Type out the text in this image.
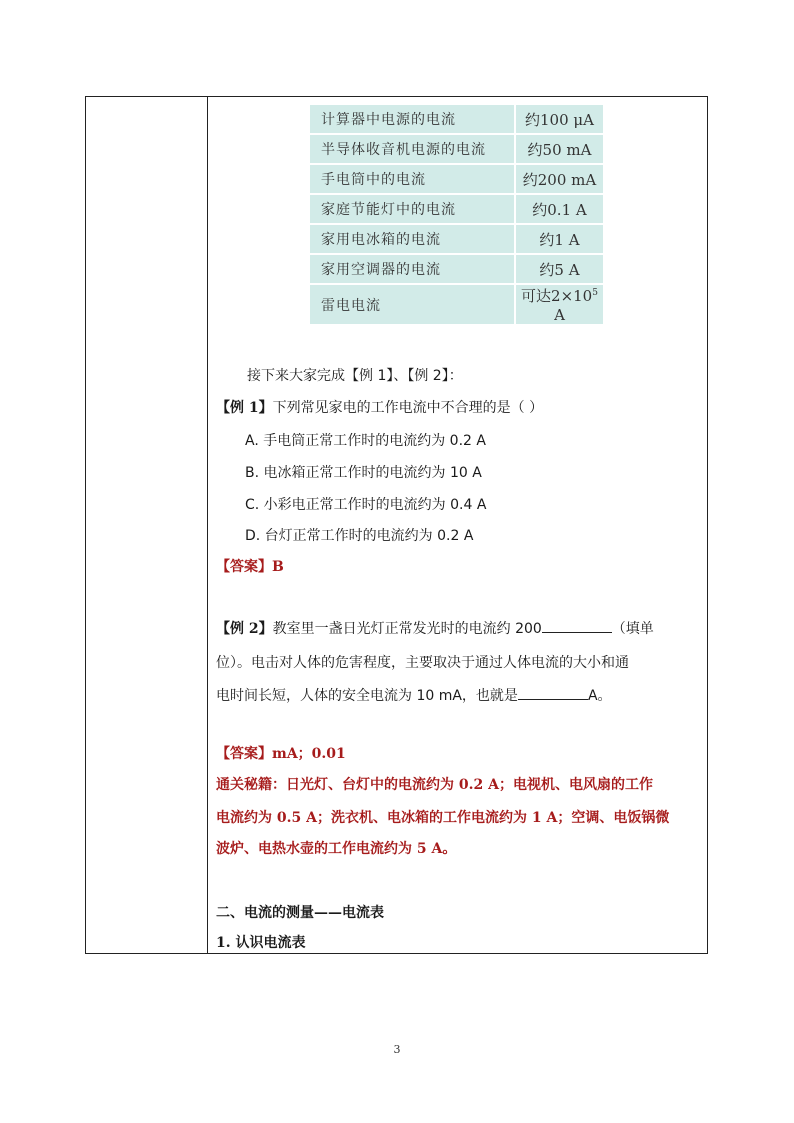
计算器中电源的电流	约100 μA
半导体收音机电源的电流	约50 mA
手电筒中的电流	约200 mA
家庭节能灯中的电流	约0.1 A
家用电冰箱的电流	约1 A
家用空调器的电流	约5 A
雷电电流	可达$2\times 10^5$ A
接下来大家完成【例 1】、【例 2】：
【例 1】下列常见家电的工作电流中不合理的是（ ）
A. 手电筒正常工作时的电流约为 0.2 A
B. 电冰箱正常工作时的电流约为 10 A
C. 小彩电正常工作时的电流约为 0.4 A
D. 台灯正常工作时的电流约为 0.2 A
【答案】B
【例 2】教室里一盏日光灯正常发光时的电流约 200	（填单
位）。电击对人体的危害程度，主要取决于通过人体电流的大小和通
电时间长短，人体的安全电流为 10 mA，也就是	A。
【答案】mA；0.01
通关秘籍：日光灯、台灯中的电流约为 0.2 A；电视机、电风扇的工作
电流约为 0.5 A；洗衣机、电冰箱的工作电流约为 1 A；空调、电饭锅微
波炉、电热水壶的工作电流约为 5 A。
二、电流的测量——电流表
1. 认识电流表
3
